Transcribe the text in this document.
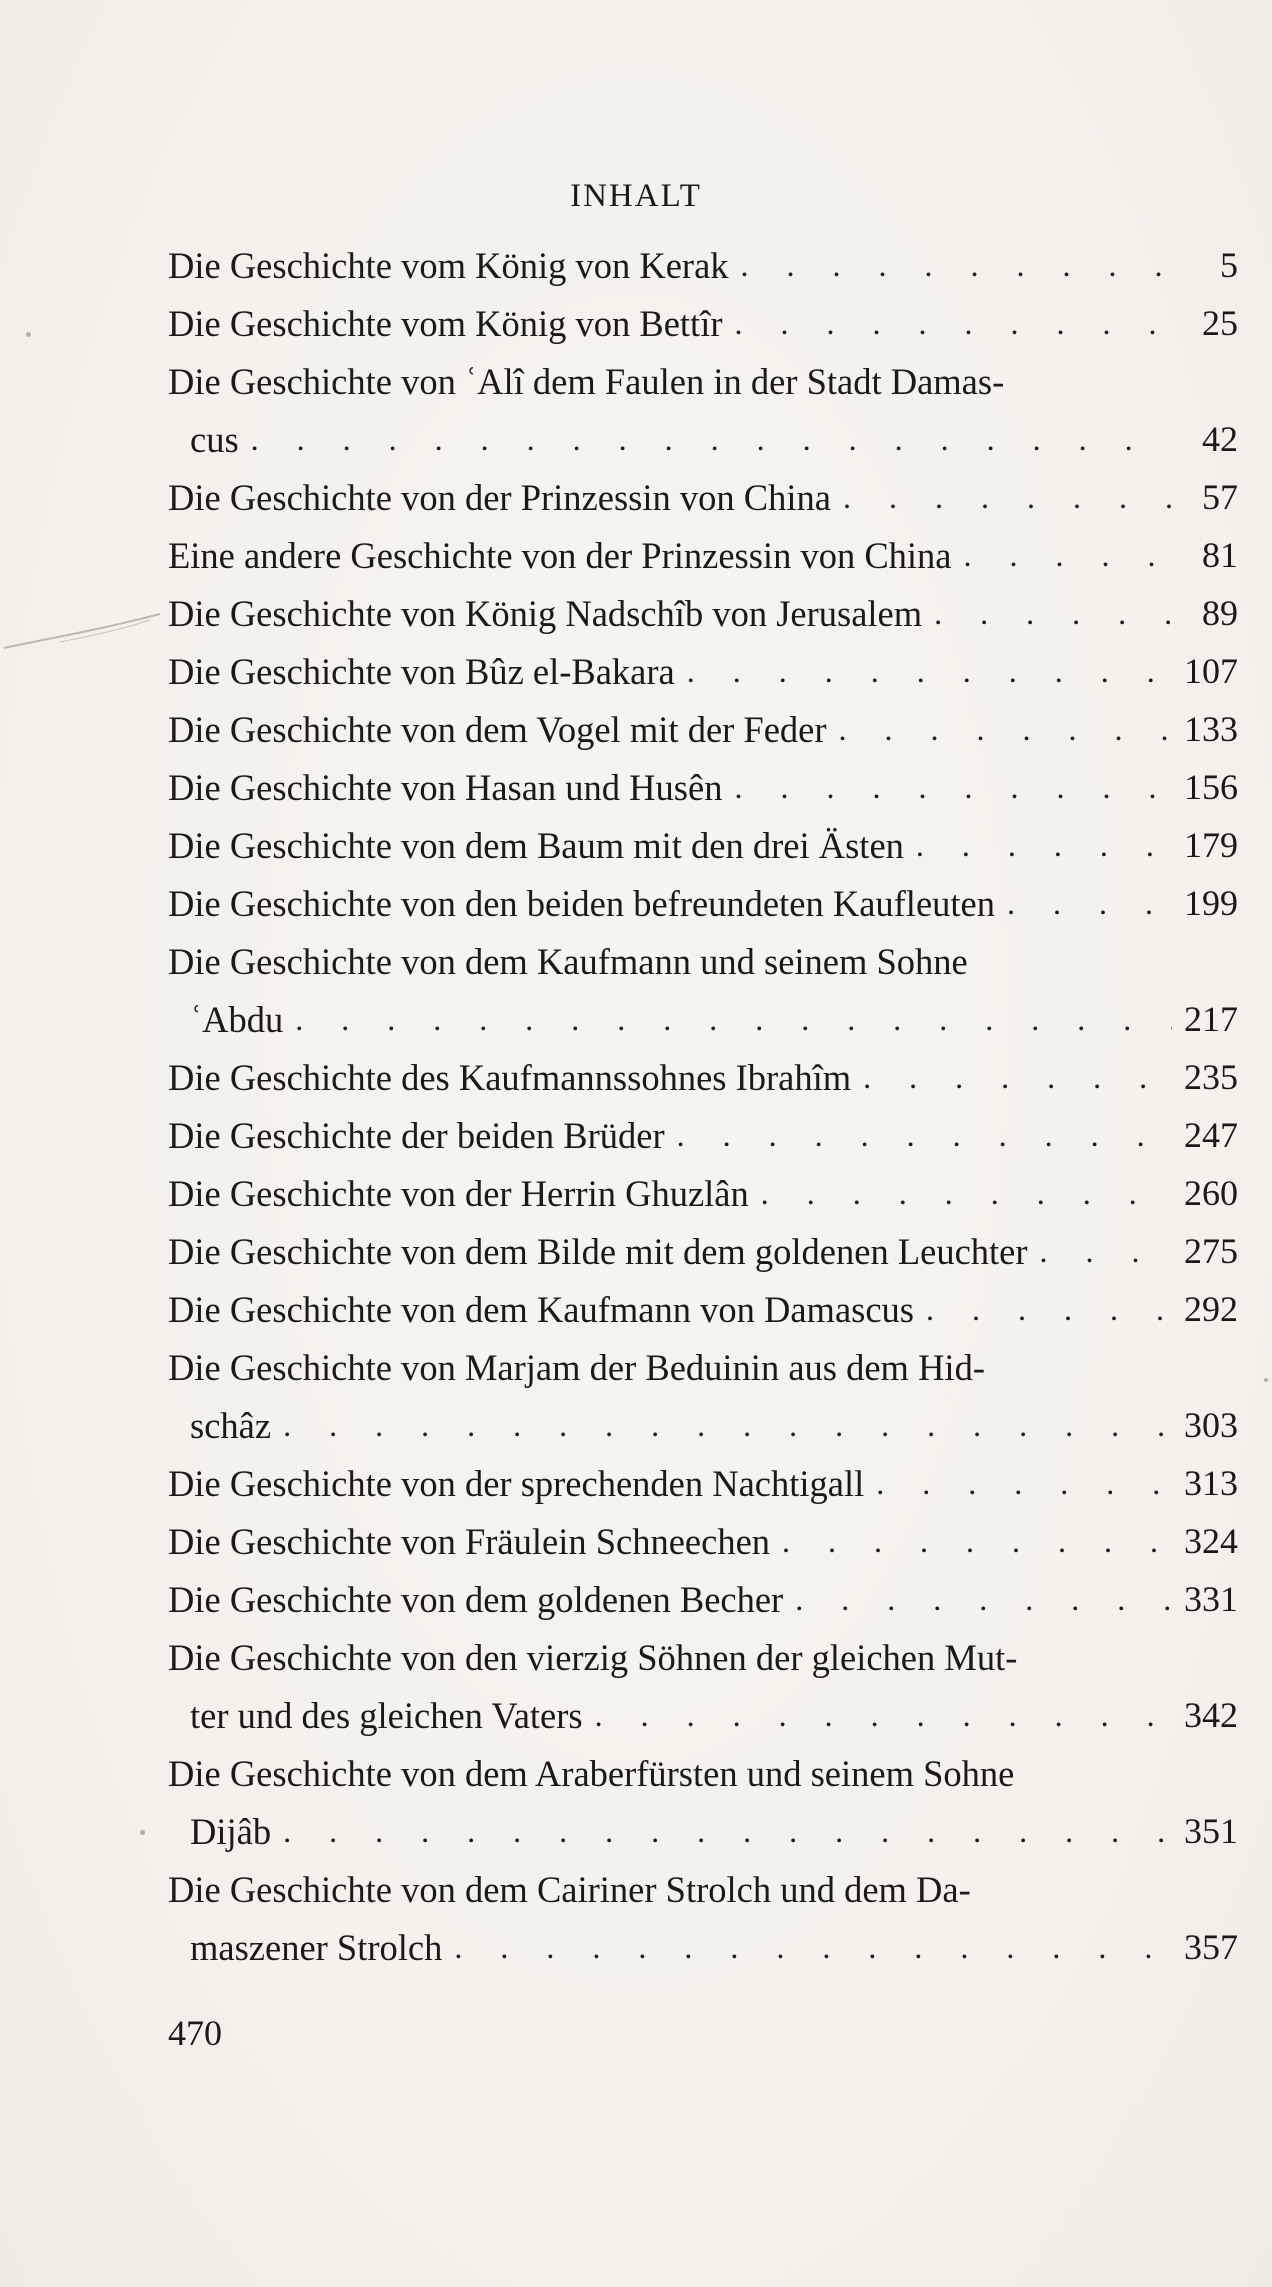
INHALT
Die Geschichte vom König von Kerak . . .	5
Die Geschichte vom König von Bettîr . . .	25
Die Geschichte von ʿAlî dem Faulen in der Stadt Damas-
cus . . .	42
Die Geschichte von der Prinzessin von China . . .	57
Eine andere Geschichte von der Prinzessin von China . . .	81
Die Geschichte von König Nadschîb von Jerusalem . . .	89
Die Geschichte von Bûz el-Bakara . . .	107
Die Geschichte von dem Vogel mit der Feder . . .	133
Die Geschichte von Hasan und Husên . . .	156
Die Geschichte von dem Baum mit den drei Ästen . . .	179
Die Geschichte von den beiden befreundeten Kaufleuten . . .	199
Die Geschichte von dem Kaufmann und seinem Sohne
ʿAbdu . . .	217
Die Geschichte des Kaufmannssohnes Ibrahîm . . .	235
Die Geschichte der beiden Brüder . . .	247
Die Geschichte von der Herrin Ghuzlân . . .	260
Die Geschichte von dem Bilde mit dem goldenen Leuchter . . .	275
Die Geschichte von dem Kaufmann von Damascus . . .	292
Die Geschichte von Marjam der Beduinin aus dem Hid-
schâz . . .	303
Die Geschichte von der sprechenden Nachtigall . . .	313
Die Geschichte von Fräulein Schneechen . . .	324
Die Geschichte von dem goldenen Becher . . .	331
Die Geschichte von den vierzig Söhnen der gleichen Mut-
ter und des gleichen Vaters . . .	342
Die Geschichte von dem Araberfürsten und seinem Sohne
Dijâb . . .	351
Die Geschichte von dem Cairiner Strolch und dem Da-
maszener Strolch . . .	357
470
